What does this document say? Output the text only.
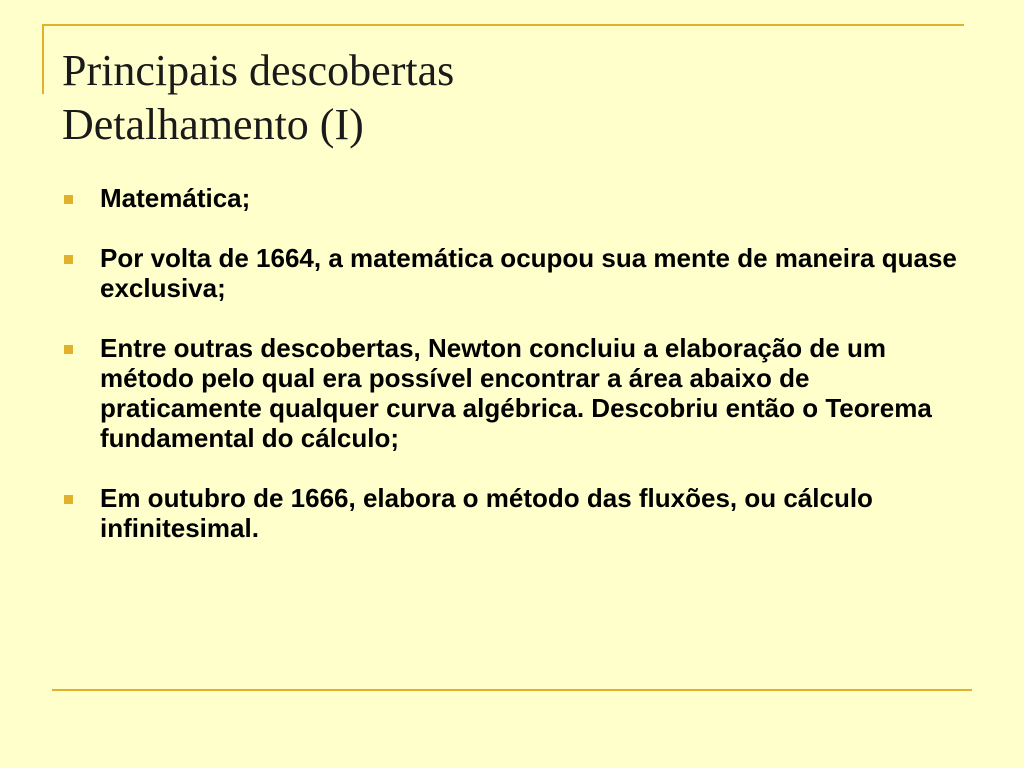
Principais descobertas
Detalhamento (I)
Matemática;
Por volta de 1664, a matemática ocupou sua mente de maneira quase exclusiva;
Entre outras descobertas, Newton concluiu a elaboração de um método pelo qual era possível encontrar a área abaixo de praticamente qualquer curva algébrica. Descobriu então o Teorema fundamental do cálculo;
Em outubro de 1666, elabora o método das fluxões, ou cálculo infinitesimal.
